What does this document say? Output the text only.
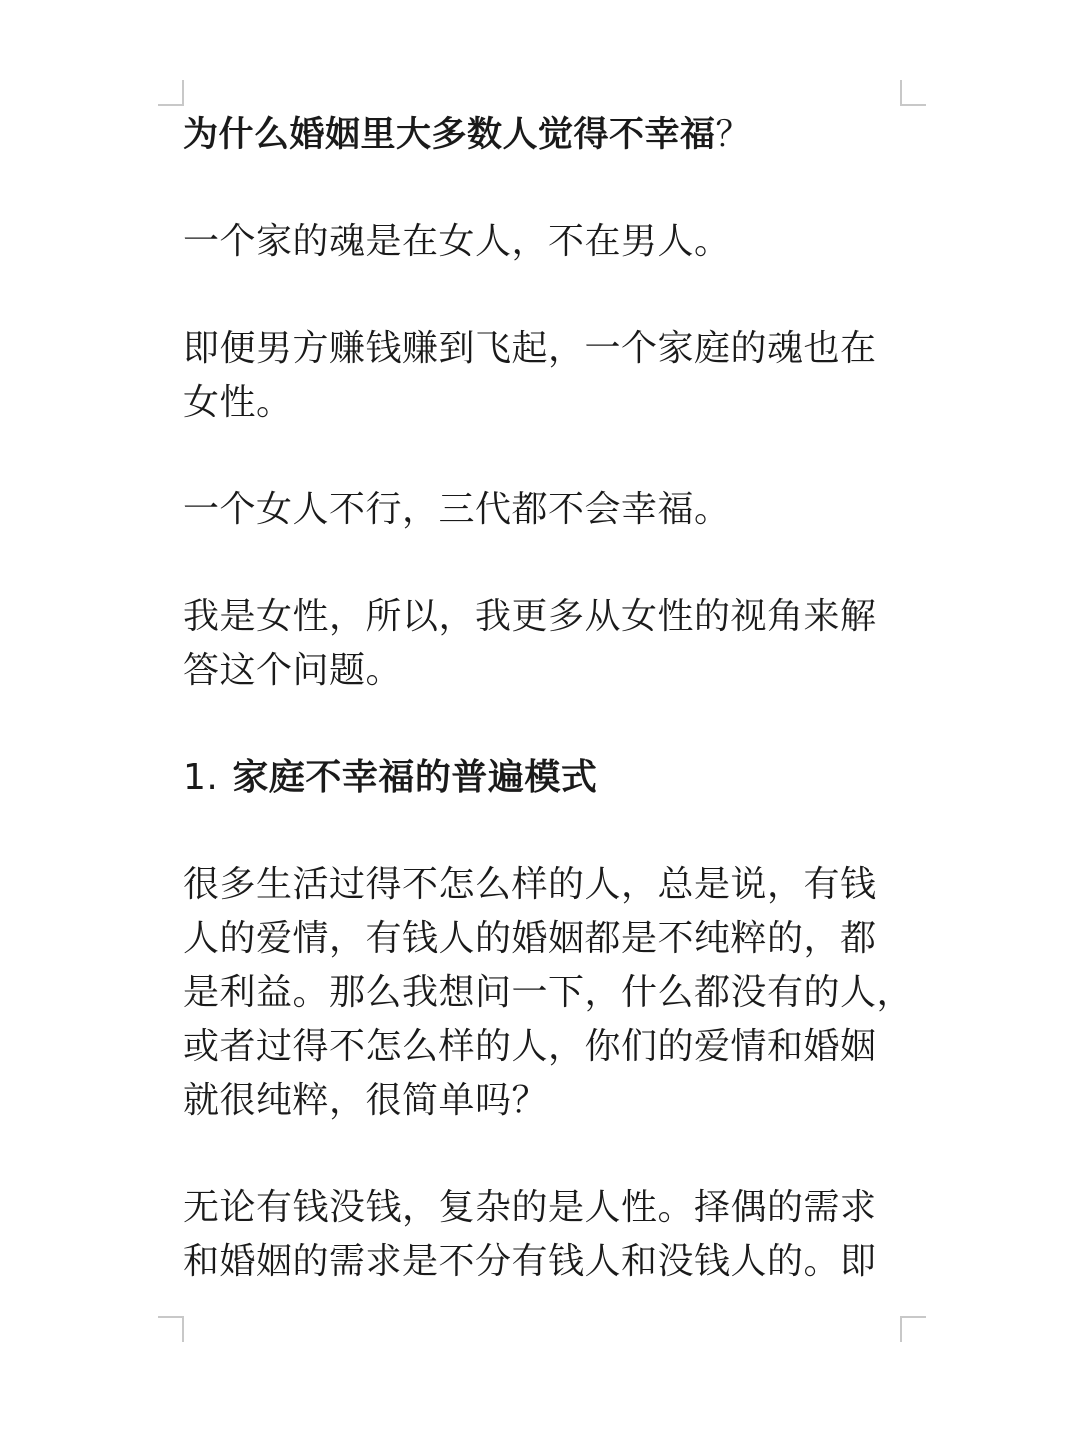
为什么婚姻里大多数人觉得不幸福？

一个家的魂是在女人，不在男人。

即便男方赚钱赚到飞起，一个家庭的魂也在
女性。

一个女人不行，三代都不会幸福。

我是女性，所以，我更多从女性的视角来解
答这个问题。

1. 家庭不幸福的普遍模式

很多生活过得不怎么样的人，总是说，有钱
人的爱情，有钱人的婚姻都是不纯粹的，都
是利益。那么我想问一下，什么都没有的人，
或者过得不怎么样的人，你们的爱情和婚姻
就很纯粹，很简单吗？

无论有钱没钱，复杂的是人性。择偶的需求
和婚姻的需求是不分有钱人和没钱人的。即
